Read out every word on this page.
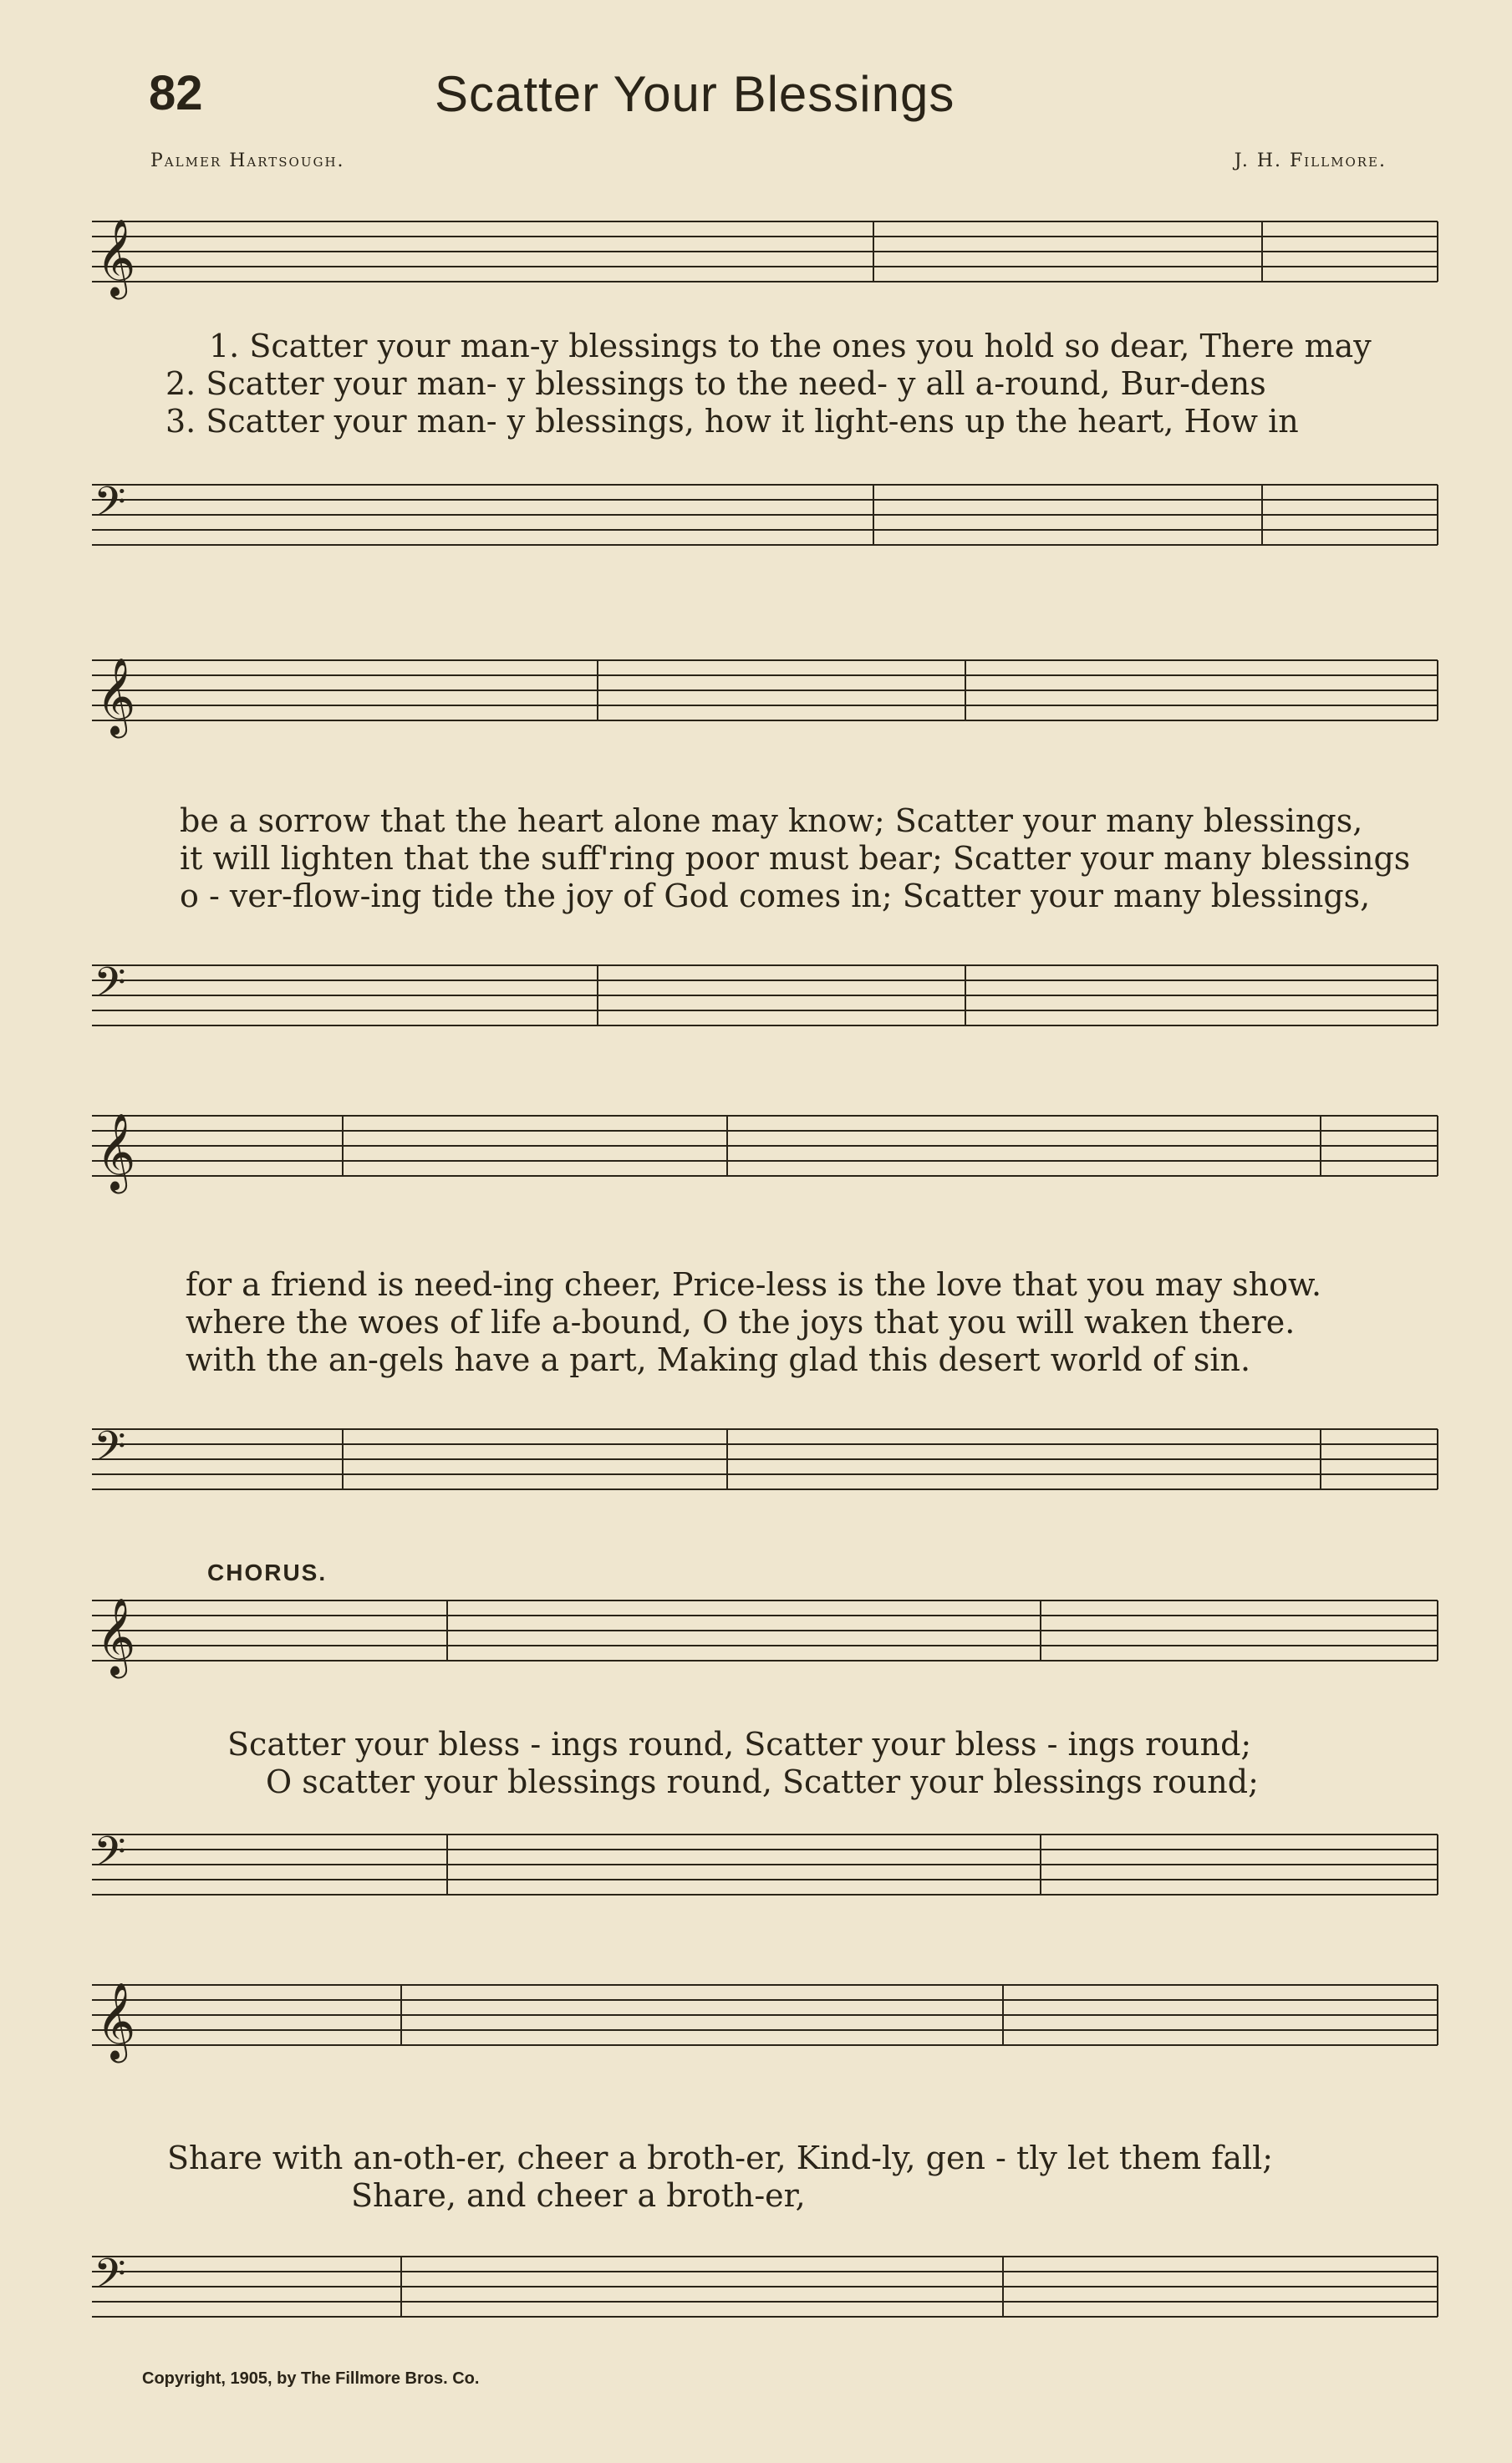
82	Scatter Your Blessings
Palmer Hartsough.	J. H. Fillmore.
𝄞
𝄢
1. Scatter your man-y blessings to the ones you hold so dear, There may
2. Scatter your man- y blessings to the need- y all a-round, Bur-dens
3. Scatter your man- y blessings, how it light-ens up the heart, How in
𝄞
𝄢
be a sorrow that the heart alone may know; Scatter your many blessings,
it will lighten that the suff'ring poor must bear; Scatter your many blessings
o - ver-flow-ing tide the joy of God comes in; Scatter your many blessings,
𝄞
𝄢
for a friend is need-ing cheer, Price-less is the love that you may show.
where the woes of life a-bound, O the joys that you will waken there.
with the an-gels have a part, Making glad this desert world of sin.
CHORUS.
𝄞
𝄢
Scatter your bless - ings round, Scatter your bless - ings round;
O scatter your blessings round, Scatter your blessings round;
𝄞
𝄢
Share with an-oth-er, cheer a broth-er, Kind-ly, gen - tly let them fall;
Share, and cheer a broth-er,
Copyright, 1905, by The Fillmore Bros. Co.
